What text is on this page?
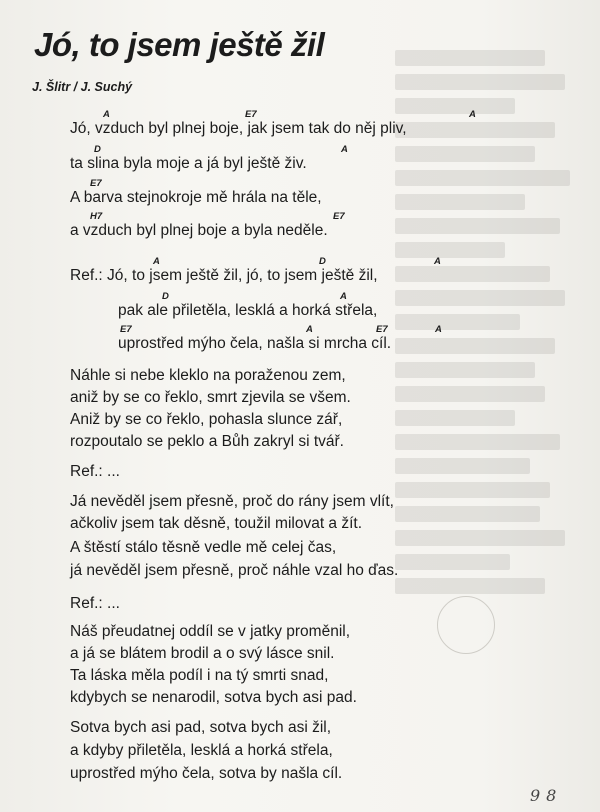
Jó, to jsem ještě žil
J. Šlitr / J. Suchý
A	E7	A
D	A
E7
H7	E7
A	D	A
D	A
E7	A	E7	A
Jó, vzduch byl plnej boje, jak jsem tak do něj pliv,
ta slina byla moje a já byl ještě živ.
A barva stejnokroje mě hrála na těle,
a vzduch byl plnej boje a byla neděle.
Ref.: Jó, to jsem ještě žil, jó, to jsem ještě žil,
pak ale přiletěla, lesklá a horká střela,
uprostřed mýho čela, našla si mrcha cíl.
Náhle si nebe kleklo na poraženou zem,
aniž by se co řeklo, smrt zjevila se všem.
Aniž by se co řeklo, pohasla slunce zář,
rozpoutalo se peklo a Bůh zakryl si tvář.
Ref.: ...
Já nevěděl jsem přesně, proč do rány jsem vlít,
ačkoliv jsem tak děsně, toužil milovat a žít.
A štěstí stálo těsně vedle mě celej čas,
já nevěděl jsem přesně, proč náhle vzal ho ďas.
Ref.: ...
Náš přeudatnej oddíl se v jatky proměnil,
a já se blátem brodil a o svý lásce snil.
Ta láska měla podíl i na tý smrti snad,
kdybych se nenarodil, sotva bych asi pad.
Sotva bych asi pad, sotva bych asi žil,
a kdyby přiletěla, lesklá a horká střela,
uprostřed mýho čela, sotva by našla cíl.
98
